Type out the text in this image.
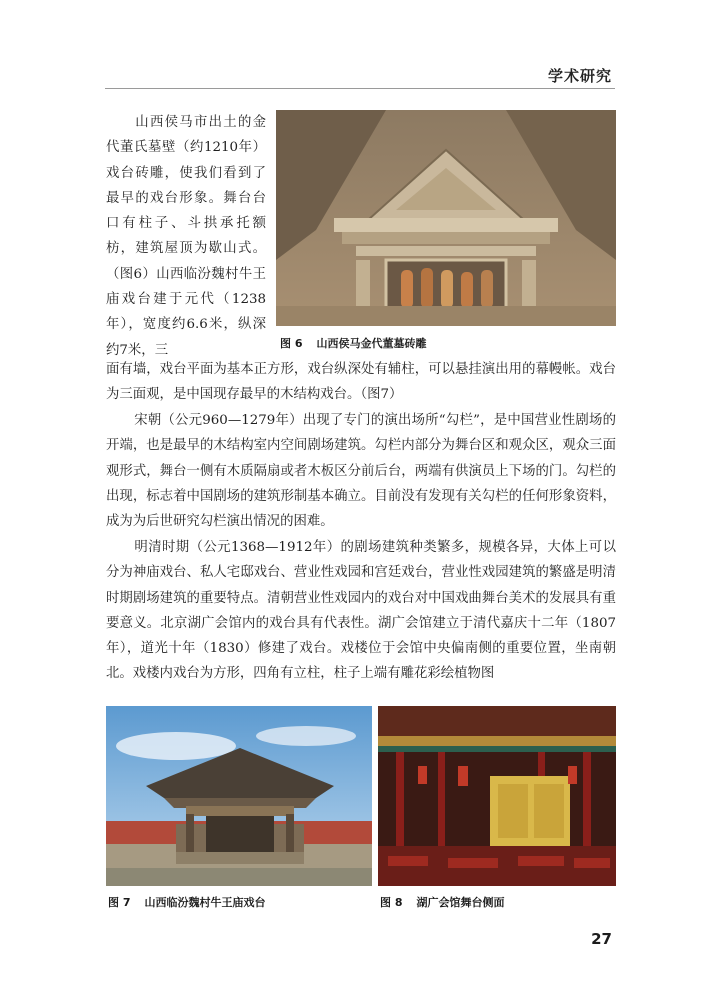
学术研究

山西侯马市出土的金代董氏墓壁（约1210年）戏台砖雕，使我们看到了最早的戏台形象。舞台台口有柱子、斗拱承托额枋，建筑屋顶为歇山式。（图6）山西临汾魏村牛王庙戏台建于元代（1238年），宽度约6.6米，纵深约7米，三	图 6 山西侯马金代董墓砖雕

面有墙，戏台平面为基本正方形，戏台纵深处有辅柱，可以悬挂演出用的幕幔帐。戏台为三面观，是中国现存最早的木结构戏台。（图7）

宋朝（公元960—1279年）出现了专门的演出场所“勾栏”，是中国营业性剧场的开端，也是最早的木结构室内空间剧场建筑。勾栏内部分为舞台区和观众区，观众三面观形式，舞台一侧有木质隔扇或者木板区分前后台，两端有供演员上下场的门。勾栏的出现，标志着中国剧场的建筑形制基本确立。目前没有发现有关勾栏的任何形象资料，成为为后世研究勾栏演出情况的困难。

明清时期（公元1368—1912年）的剧场建筑种类繁多，规模各异，大体上可以分为神庙戏台、私人宅邸戏台、营业性戏园和宫廷戏台，营业性戏园建筑的繁盛是明清时期剧场建筑的重要特点。清朝营业性戏园内的戏台对中国戏曲舞台美术的发展具有重要意义。北京湖广会馆内的戏台具有代表性。湖广会馆建立于清代嘉庆十二年（1807年），道光十年（1830）修建了戏台。戏楼位于会馆中央偏南侧的重要位置，坐南朝北。戏楼内戏台为方形，四角有立柱，柱子上端有雕花彩绘植物图

图 7 山西临汾魏村牛王庙戏台	图 8 湖广会馆舞台侧面
27
